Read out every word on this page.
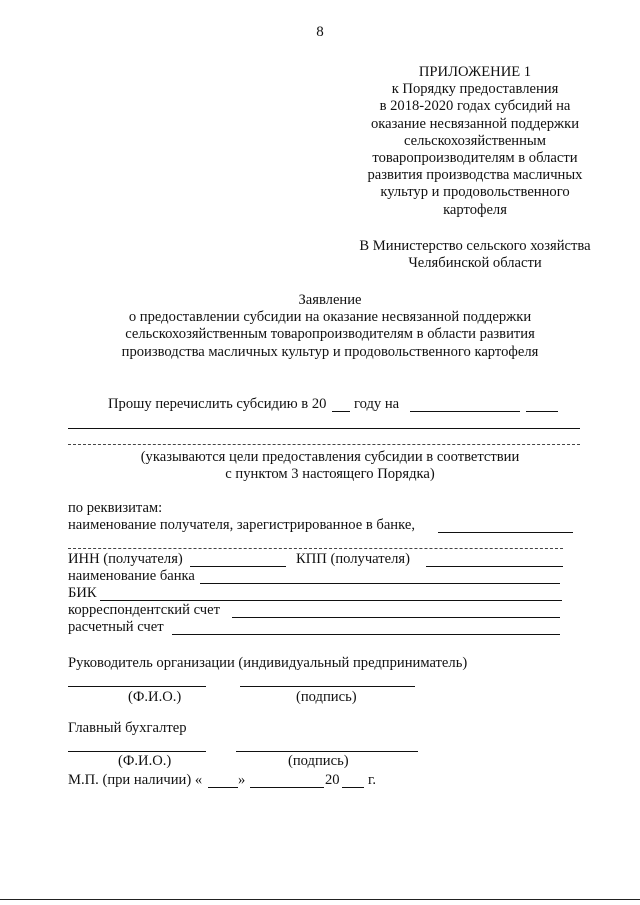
8
ПРИЛОЖЕНИЕ 1
к Порядку предоставления
в 2018-2020 годах субсидий на
оказание несвязанной поддержки
сельскохозяйственным
товаропроизводителям в области
развития производства масличных
культур и продовольственного
картофеля
В Министерство сельского хозяйства
Челябинской области
Заявление
о предоставлении субсидии на оказание несвязанной поддержки
сельскохозяйственным товаропроизводителям в области развития
производства масличных культур и продовольственного картофеля
Прошу перечислить субсидию в 20 году на
(указываются цели предоставления субсидии в соответствии
с пунктом 3 настоящего Порядка)
по реквизитам:
наименование получателя, зарегистрированное в банке,
ИНН (получателя)	КПП (получателя)
наименование банка
БИК
корреспондентский счет
расчетный счет
Руководитель организации (индивидуальный предприниматель)
(Ф.И.О.)	(подпись)
Главный бухгалтер
(Ф.И.О.)	(подпись)
М.П. (при наличии) « »	20 г.
